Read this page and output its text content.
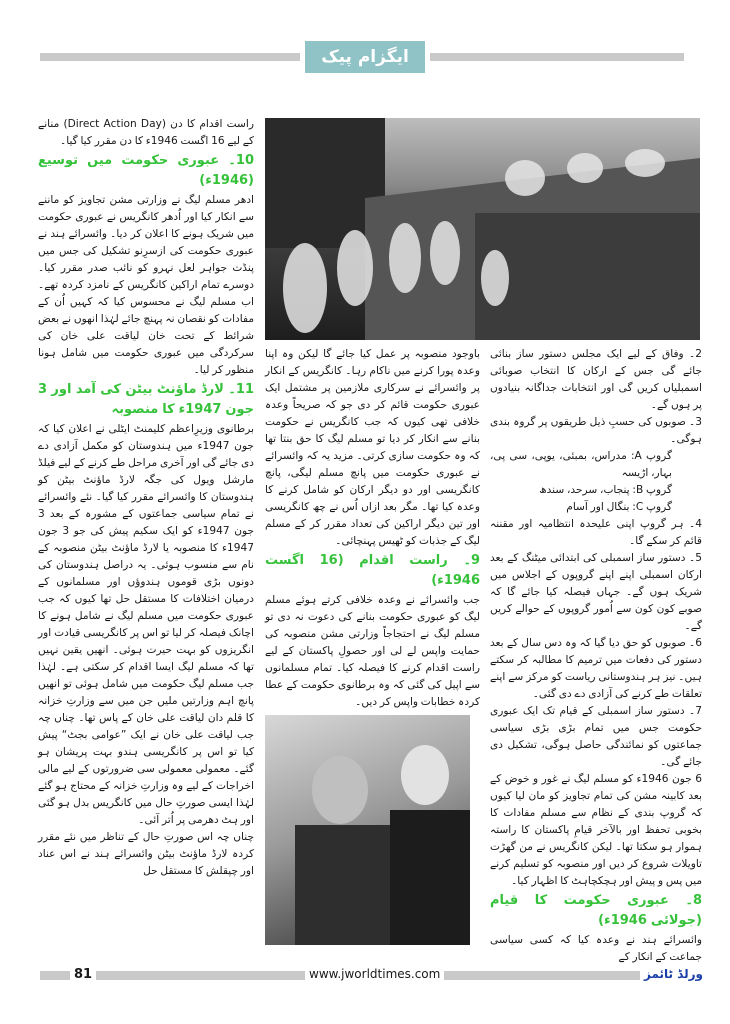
ایگزام پیک

راست اقدام کا دن (Direct Action Day) منانے کے لیے 16 اگست 1946ء کا دن مقرر کیا گیا۔

10۔ عبوری حکومت میں توسیع (1946ء)

ادھر مسلم لیگ نے وزارتی مشن تجاویز کو ماننے سے انکار کیا اور اُدھر کانگریس نے عبوری حکومت میں شریک ہونے کا اعلان کر دیا۔ وائسرائے ہند نے عبوری حکومت کی ازسرِنو تشکیل کی جس میں پنڈت جواہر لعل نہرو کو نائب صدر مقرر کیا۔ دوسرے تمام اراکین کانگریس کے نامزد کردہ تھے۔ اب مسلم لیگ نے محسوس کیا کہ کہیں اُن کے مفادات کو نقصان نہ پہنچ جائے لہٰذا انھوں نے بعض شرائط کے تحت خان لیاقت علی خان کی سرکردگی میں عبوری حکومت میں شامل ہونا منظور کر لیا۔

11۔ لارڈ ماؤنٹ بیٹن کی آمد اور 3 جون 1947ء کا منصوبہ

برطانوی وزیرِاعظم کلیمنٹ ایٹلی نے اعلان کیا کہ جون 1947ء میں ہندوستان کو مکمل آزادی دے دی جائے گی اور آخری مراحل طے کرنے کے لیے فیلڈ مارشل ویول کی جگہ لارڈ ماؤنٹ بیٹن کو ہندوستان کا وائسرائے مقرر کیا گیا۔ نئے وائسرائے نے تمام سیاسی جماعتوں کے مشورہ کے بعد 3 جون 1947ء کو ایک سکیم پیش کی جو 3 جون 1947ء کا منصوبہ یا لارڈ ماؤنٹ بیٹن منصوبہ کے نام سے منسوب ہوئی۔ یہ دراصل ہندوستان کی دونوں بڑی قوموں ہندوؤں اور مسلمانوں کے درمیان اختلافات کا مستقل حل تھا کیوں کہ جب عبوری حکومت میں مسلم لیگ نے شامل ہونے کا اچانک فیصلہ کر لیا تو اس پر کانگریسی قیادت اور انگریزوں کو بہت حیرت ہوئی۔ انھیں یقین نہیں تھا کہ مسلم لیگ ایسا اقدام کر سکتی ہے۔ لہٰذا جب مسلم لیگ حکومت میں شامل ہوئی تو انھیں پانچ اہم وزارتیں ملیں جن میں سے وزارتِ خزانہ کا قلم دان لیاقت علی خان کے پاس تھا۔ چناں چہ جب لیاقت علی خان نے ایک ”عوامی بجٹ“ پیش کیا تو اس پر کانگریسی ہندو بہت پریشان ہو گئے۔ معمولی معمولی سی ضرورتوں کے لیے مالی اخراجات کے لیے وہ وزارتِ خزانہ کے محتاج ہو گئے لہٰذا ایسی صورتِ حال میں کانگریس بدل ہو گئی اور ہٹ دھرمی پر اُتر آئی۔

چناں چہ اس صورتِ حال کے تناظر میں نئے مقرر کردہ لارڈ ماؤنٹ بیٹن وائسرائے ہند نے اس عناد اور چپقلش کا مستقل حل

باوجود منصوبہ پر عمل کیا جائے گا لیکن وہ اپنا وعدہ پورا کرنے میں ناکام رہا۔ کانگریس کے انکار پر وائسرائے نے سرکاری ملازمین پر مشتمل ایک عبوری حکومت قائم کر دی جو کہ صریحاً وعدہ خلافی تھی کیوں کہ جب کانگریس نے حکومت بنانے سے انکار کر دیا تو مسلم لیگ کا حق بنتا تھا کہ وہ حکومت سازی کرتی۔ مزید یہ کہ وائسرائے نے عبوری حکومت میں پانچ مسلم لیگی، پانچ کانگریسی اور دو دیگر ارکان کو شامل کرنے کا وعدہ کیا تھا۔ مگر بعد ازاں اُس نے چھ کانگریسی اور تین دیگر اراکین کی تعداد مقرر کر کے مسلم لیگ کے جذبات کو ٹھیس پہنچائی۔

9۔ راست اقدام (16 اگست 1946ء)

جب وائسرائے نے وعدہ خلافی کرتے ہوئے مسلم لیگ کو عبوری حکومت بنانے کی دعوت نہ دی تو مسلم لیگ نے احتجاجاً وزارتی مشن منصوبہ کی حمایت واپس لے لی اور حصولِ پاکستان کے لیے راست اقدام کرنے کا فیصلہ کیا۔ تمام مسلمانوں سے اپیل کی گئی کہ وہ برطانوی حکومت کے عطا کردہ خطابات واپس کر دیں۔

2۔ وفاق کے لیے ایک مجلس دستور ساز بنائی جائے گی جس کے ارکان کا انتخاب صوبائی اسمبلیاں کریں گی اور انتخابات جداگانہ بنیادوں پر ہوں گے۔

3۔ صوبوں کی حسبِ ذیل طریقوں پر گروہ بندی ہوگی۔

گروپ A: مدراس، بمبئی، یوپی، سی پی، بہار، اڑیسہ

گروپ B: پنجاب، سرحد، سندھ

گروپ C: بنگال اور آسام

4۔ ہر گروپ اپنی علیحدہ انتظامیہ اور مقننہ قائم کر سکے گا۔

5۔ دستور ساز اسمبلی کی ابتدائی میٹنگ کے بعد ارکان اسمبلی اپنے اپنے گروپوں کے اجلاس میں شریک ہوں گے۔ جہاں فیصلہ کیا جائے گا کہ صوبے کون کون سے اُمور گروپوں کے حوالے کریں گے۔

6۔ صوبوں کو حق دیا گیا کہ وہ دس سال کے بعد دستور کی دفعات میں ترمیم کا مطالبہ کر سکتے ہیں۔ نیز ہر ہندوستانی ریاست کو مرکز سے اپنے تعلقات طے کرنے کی آزادی دے دی گئی۔

7۔ دستور ساز اسمبلی کے قیام تک ایک عبوری حکومت جس میں تمام بڑی بڑی سیاسی جماعتوں کو نمائندگی حاصل ہوگی، تشکیل دی جائے گی۔

6 جون 1946ء کو مسلم لیگ نے غور و خوض کے بعد کابینہ مشن کی تمام تجاویز کو مان لیا کیوں کہ گروپ بندی کے نظام سے مسلم مفادات کا بخوبی تحفظ اور بالآخر قیامِ پاکستان کا راستہ ہموار ہو سکتا تھا۔ لیکن کانگریس نے من گھڑت تاویلات شروع کر دیں اور منصوبہ کو تسلیم کرنے میں پس و پیش اور ہچکچاہٹ کا اظہار کیا۔

8۔ عبوری حکومت کا قیام (جولائی 1946ء)

وائسرائے ہند نے وعدہ کیا کہ کسی سیاسی جماعت کے انکار کے

81	www.jworldtimes.com	ورلڈ ٹائمز
